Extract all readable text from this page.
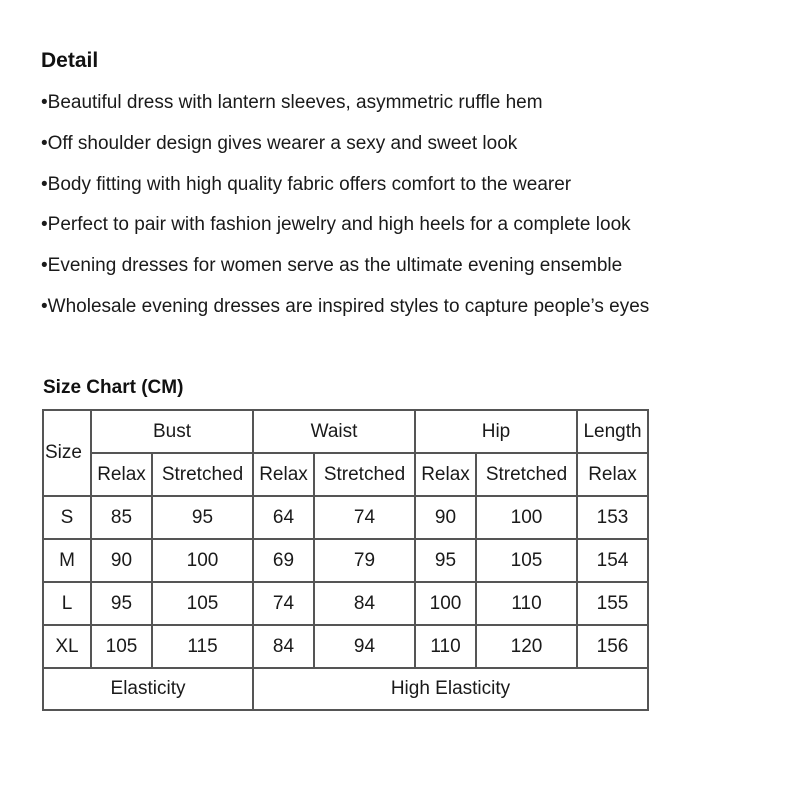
Detail
•Beautiful dress with lantern sleeves, asymmetric ruffle hem
•Off shoulder design gives wearer a sexy and sweet look
•Body fitting with high quality fabric offers comfort to the wearer
•Perfect to pair with fashion jewelry and high heels for a complete look
•Evening dresses for women serve as the ultimate evening ensemble
•Wholesale evening dresses are inspired styles to capture people’s eyes
Size Chart (CM)
Size	Bust		Waist		Hip		Length
	Relax	Stretched	Relax	Stretched	Relax	Stretched	Relax
S	85	95	64	74	90	100	153
M	90	100	69	79	95	105	154
L	95	105	74	84	100	110	155
XL	105	115	84	94	110	120	156
Elasticity			High Elasticity				
